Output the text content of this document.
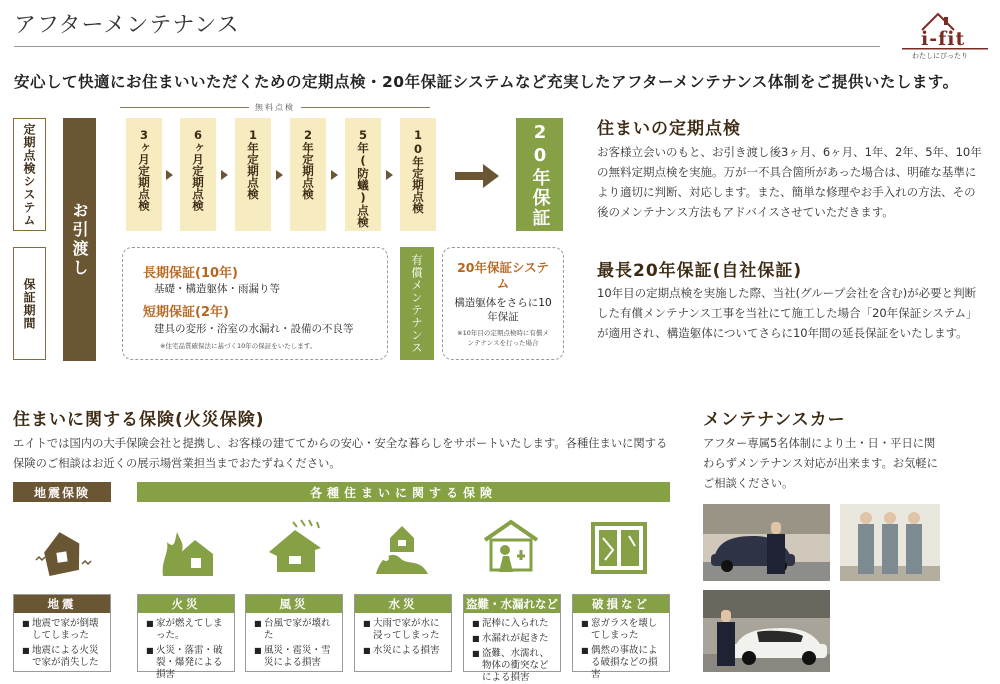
アフターメンテナンス
i-fit
わたしにぴったり
安心して快適にお住まいいただくための定期点検・20年保証システムなど充実したアフターメンテナンス体制をご提供いたします。
定期点検システム
保証期間
お引渡し
無料点検
3ヶ月定期点検	6ヶ月定期点検	1年定期点検	2年定期点検	5年(防蟻)点検	10年定期点検	20年保証
長期保証(10年)
基礎・構造躯体・雨漏り等
短期保証(2年)
建具の変形・浴室の水漏れ・設備の不良等
※住宅品質確保法に基づく10年の保証をいたします。	有償メンテナンス	20年保証システム
構造躯体をさらに10年保証
※10年目の定期点検時に有償メンテナンスを行った場合
住まいの定期点検
お客様立会いのもと、お引き渡し後3ヶ月、6ヶ月、1年、2年、5年、10年の無料定期点検を実施。万が一不具合箇所があった場合は、明確な基準により適切に判断、対応します。また、簡単な修理やお手入れの方法、その後のメンテナンス方法もアドバイスさせていただきます。
最長20年保証(自社保証)
10年目の定期点検を実施した際、当社(グループ会社を含む)が必要と判断した有償メンテナンス工事を当社にて施工した場合「20年保証システム」が適用され、構造躯体についてさらに10年間の延長保証をいたします。
住まいに関する保険(火災保険)
エイトでは国内の大手保険会社と提携し、お客様の建ててからの安心・安全な暮らしをサポートいたします。各種住まいに関する保険のご相談はお近くの展示場営業担当までおたずねください。
地震保険	各種住まいに関する保険
地震
■ 地震で家が倒壊してしまった
■ 地震による火災で家が消失した
火災
■ 家が燃えてしまった。
■ 火災・落雷・破裂・爆発による損害
風災
■ 台風で家が壊れた
■ 風災・雹災・雪災による損害
水災
■ 大雨で家が水に浸ってしまった
■ 水災による損害
盗難・水漏れなど
■ 泥棒に入られた
■ 水漏れが起きた
■ 盗難、水濡れ、物体の衝突などによる損害
破損など
■ 窓ガラスを壊してしまった
■ 偶然の事故による破損などの損害
メンテナンスカー
アフター専属5名体制により土・日・平日に関わらずメンテナンス対応が出来ます。お気軽にご相談ください。
